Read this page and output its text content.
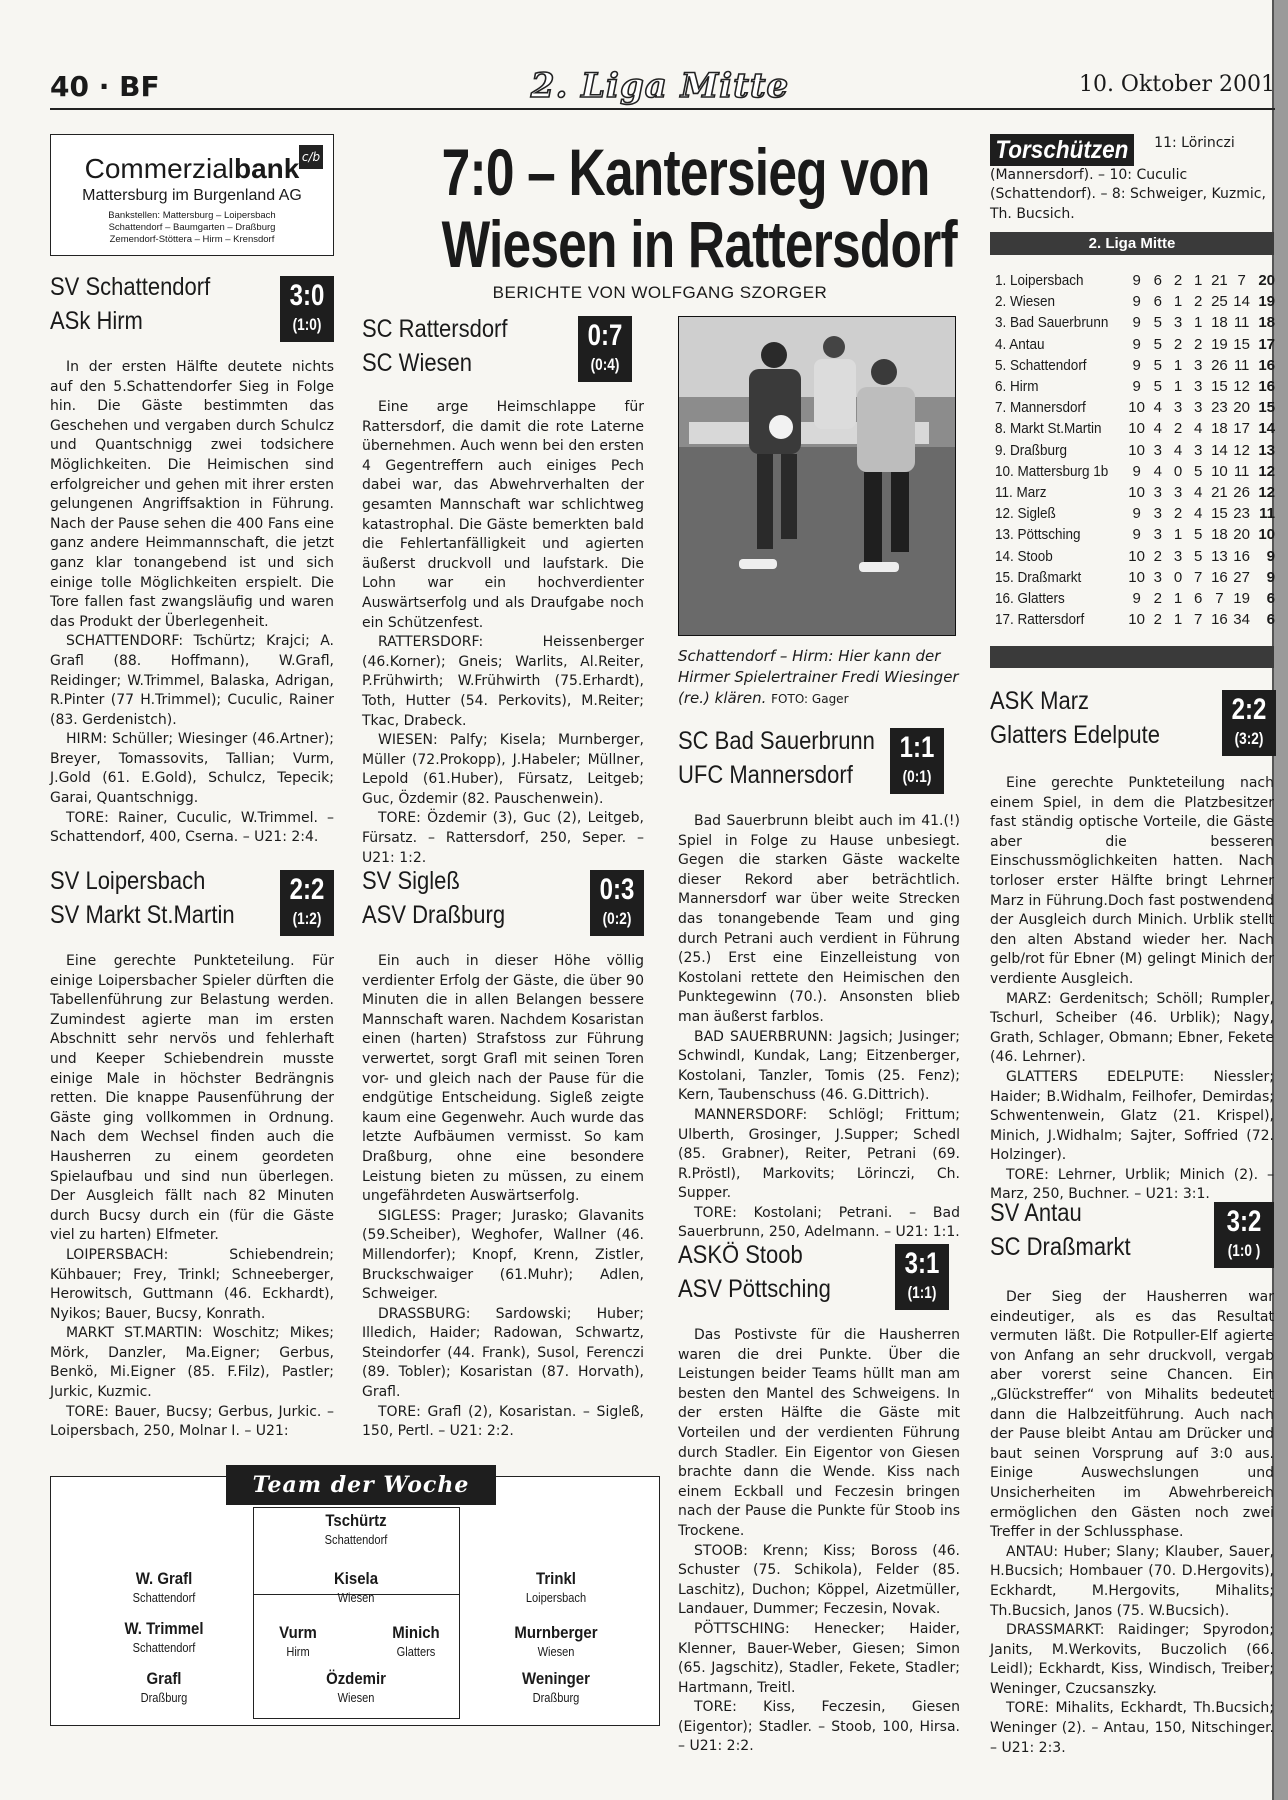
40 · BF	2. Liga Mitte	10. Oktober 2001
c/b
Commerzialbank
Mattersburg im Burgenland AG
Bankstellen: Mattersburg – Loipersbach
Schattendorf – Baumgarten – Draßburg
Zemendorf-Stöttera – Hirm – Krensdorf
7:0 – Kantersieg von
Wiesen in Rattersdorf
BERICHTE VON WOLFGANG SZORGER
SV Schattendorf
ASk Hirm
3:0
(1:0)

In der ersten Hälfte deutete nichts auf den 5.Schattendorfer Sieg in Folge hin. Die Gäste bestimmten das Geschehen und vergaben durch Schulcz und Quantschnigg zwei todsichere Möglichkeiten. Die Heimischen sind erfolgreicher und gehen mit ihrer ersten gelungenen Angriffsaktion in Führung. Nach der Pause sehen die 400 Fans eine ganz andere Heimmannschaft, die jetzt ganz klar tonangebend ist und sich einige tolle Möglichkeiten erspielt. Die Tore fallen fast zwangsläufig und waren das Produkt der Überlegenheit.

SCHATTENDORF: Tschürtz; Krajci; A. Grafl (88. Hoffmann), W.Grafl, Reidinger; W.Trimmel, Balaska, Adrigan, R.Pinter (77 H.Trimmel); Cuculic, Rainer (83. Gerdenistch).

HIRM: Schüller; Wiesinger (46.Artner); Breyer, Tomassovits, Tallian; Vurm, J.Gold (61. E.Gold), Schulcz, Tepecik; Garai, Quantschnigg.

TORE: Rainer, Cuculic, W.Trimmel. – Schattendorf, 400, Cserna. – U21: 2:4.

SV Loipersbach
SV Markt St.Martin
2:2
(1:2)

Eine gerechte Punkteteilung. Für einige Loipersbacher Spieler dürften die Tabellenführung zur Belastung werden. Zumindest agierte man im ersten Abschnitt sehr nervös und fehlerhaft und Keeper Schiebendrein musste einige Male in höchster Bedrängnis retten. Die knappe Pausenführung der Gäste ging vollkommen in Ordnung. Nach dem Wechsel finden auch die Hausherren zu einem geordeten Spielaufbau und sind nun überlegen. Der Ausgleich fällt nach 82 Minuten durch Bucsy durch ein (für die Gäste viel zu harten) Elfmeter.

LOIPERSBACH: Schiebendrein; Kühbauer; Frey, Trinkl; Schneeberger, Herowitsch, Guttmann (46. Eckhardt), Nyikos; Bauer, Bucsy, Konrath.

MARKT ST.MARTIN: Woschitz; Mikes; Mörk, Danzler, Ma.Eigner; Gerbus, Benkö, Mi.Eigner (85. F.Filz), Pastler; Jurkic, Kuzmic.

TORE: Bauer, Bucsy; Gerbus, Jurkic. – Loipersbach, 250, Molnar I. – U21:

SC Rattersdorf
SC Wiesen
0:7
(0:4)

Eine arge Heimschlappe für Rattersdorf, die damit die rote Laterne übernehmen. Auch wenn bei den ersten 4 Gegentreffern auch einiges Pech dabei war, das Abwehrverhalten der gesamten Mannschaft war schlichtweg katastrophal. Die Gäste bemerkten bald die Fehlertanfälligkeit und agierten äußerst druckvoll und laufstark. Die Lohn war ein hochverdienter Auswärtserfolg und als Draufgabe noch ein Schützenfest.

RATTERSDORF: Heissenberger (46.Korner); Gneis; Warlits, Al.Reiter, P.Frühwirth; W.Frühwirth (75.Erhardt), Toth, Hutter (54. Perkovits), M.Reiter; Tkac, Drabeck.

WIESEN: Palfy; Kisela; Murnberger, Müller (72.Prokopp), J.Habeler; Müllner, Lepold (61.Huber), Fürsatz, Leitgeb; Guc, Özdemir (82. Pauschenwein).

TORE: Özdemir (3), Guc (2), Leitgeb, Fürsatz. – Rattersdorf, 250, Seper. – U21: 1:2.

SV Sigleß
ASV Draßburg
0:3
(0:2)

Ein auch in dieser Höhe völlig verdienter Erfolg der Gäste, die über 90 Minuten die in allen Belangen bessere Mannschaft waren. Nachdem Kosaristan einen (harten) Strafstoss zur Führung verwertet, sorgt Grafl mit seinen Toren vor- und gleich nach der Pause für die endgütige Entscheidung. Sigleß zeigte kaum eine Gegenwehr. Auch wurde das letzte Aufbäumen vermisst. So kam Draßburg, ohne eine besondere Leistung bieten zu müssen, zu einem ungefährdeten Auswärtserfolg.

SIGLESS: Prager; Jurasko; Glavanits (59.Scheiber), Weghofer, Wallner (46. Millendorfer); Knopf, Krenn, Zistler, Bruckschwaiger (61.Muhr); Adlen, Schweiger.

DRASSBURG: Sardowski; Huber; Illedich, Haider; Radowan, Schwartz, Steindorfer (44. Frank), Susol, Ferenczi (89. Tobler); Kosaristan (87. Horvath), Grafl.

TORE: Grafl (2), Kosaristan. – Sigleß, 150, Pertl. – U21: 2:2.

Schattendorf – Hirm: Hier kann der Hirmer Spielertrainer Fredi Wiesinger (re.) klären. FOTO: Gager
SC Bad Sauerbrunn
UFC Mannersdorf
1:1
(0:1)

Bad Sauerbrunn bleibt auch im 41.(!) Spiel in Folge zu Hause unbesiegt. Gegen die starken Gäste wackelte dieser Rekord aber beträchtlich. Mannersdorf war über weite Strecken das tonangebende Team und ging durch Petrani auch verdient in Führung (25.) Erst eine Einzelleistung von Kostolani rettete den Heimischen den Punktegewinn (70.). Ansonsten blieb man äußerst farblos.

BAD SAUERBRUNN: Jagsich; Jusinger; Schwindl, Kundak, Lang; Eitzenberger, Kostolani, Tanzler, Tomis (25. Fenz); Kern, Taubenschuss (46. G.Dittrich).

MANNERSDORF: Schlögl; Frittum; Ulberth, Grosinger, J.Supper; Schedl (85. Grabner), Reiter, Petrani (69. R.Pröstl), Markovits; Lörinczi, Ch. Supper.

TORE: Kostolani; Petrani. – Bad Sauerbrunn, 250, Adelmann. – U21: 1:1.

ASKÖ Stoob
ASV Pöttsching
3:1
(1:1)

Das Postivste für die Hausherren waren die drei Punkte. Über die Leistungen beider Teams hüllt man am besten den Mantel des Schweigens. In der ersten Hälfte die Gäste mit Vorteilen und der verdienten Führung durch Stadler. Ein Eigentor von Giesen brachte dann die Wende. Kiss nach einem Eckball und Feczesin bringen nach der Pause die Punkte für Stoob ins Trockene.

STOOB: Krenn; Kiss; Boross (46. Schuster (75. Schikola), Felder (85. Laschitz), Duchon; Köppel, Aizetmüller, Landauer, Dummer; Feczesin, Novak.

PÖTTSCHING: Henecker; Haider, Klenner, Bauer-Weber, Giesen; Simon (65. Jagschitz), Stadler, Fekete, Stadler; Hartmann, Treitl.

TORE: Kiss, Feczesin, Giesen (Eigentor); Stadler. – Stoob, 100, Hirsa. – U21: 2:2.

Torschützen 11: Lörinczi (Mannersdorf). – 10: Cuculic (Schattendorf). – 8: Schweiger, Kuzmic, Th. Bucsich.
2. Liga Mitte
1. Loipersbach	9	6	2	1	21	7	20
2. Wiesen	9	6	1	2	25	14	19
3. Bad Sauerbrunn	9	5	3	1	18	11	18
4. Antau	9	5	2	2	19	15	17
5. Schattendorf	9	5	1	3	26	11	16
6. Hirm	9	5	1	3	15	12	16
7. Mannersdorf	10	4	3	3	23	20	15
8. Markt St.Martin	10	4	2	4	18	17	14
9. Draßburg	10	3	4	3	14	12	13
10. Mattersburg 1b	9	4	0	5	10	11	12
11. Marz	10	3	3	4	21	26	12
12. Sigleß	9	3	2	4	15	23	11
13. Pöttsching	9	3	1	5	18	20	10
14. Stoob	10	2	3	5	13	16	9
15. Draßmarkt	10	3	0	7	16	27	9
16. Glatters	9	2	1	6	7	19	6
17. Rattersdorf	10	2	1	7	16	34	6
ASK Marz
Glatters Edelpute
2:2
(3:2)

Eine gerechte Punkteteilung nach einem Spiel, in dem die Platzbesitzer fast ständig optische Vorteile, die Gäste aber die besseren Einschussmöglichkeiten hatten. Nach torloser erster Hälfte bringt Lehrner Marz in Führung.Doch fast postwendend der Ausgleich durch Minich. Urblik stellt den alten Abstand wieder her. Nach gelb/rot für Ebner (M) gelingt Minich der verdiente Ausgleich.

MARZ: Gerdenitsch; Schöll; Rumpler, Tschurl, Scheiber (46. Urblik); Nagy, Grath, Schlager, Obmann; Ebner, Fekete (46. Lehrner).

GLATTERS EDELPUTE: Niessler; Haider; B.Widhalm, Feilhofer, Demirdas; Schwentenwein, Glatz (21. Krispel), Minich, J.Widhalm; Sajter, Soffried (72. Holzinger).

TORE: Lehrner, Urblik; Minich (2). – Marz, 250, Buchner. – U21: 3:1.

SV Antau
SC Draßmarkt
3:2
(1:0 )

Der Sieg der Hausherren war eindeutiger, als es das Resultat vermuten läßt. Die Rotpuller-Elf agierte von Anfang an sehr druckvoll, vergab aber vorerst seine Chancen. Ein „Glückstreffer“ von Mihalits bedeutet dann die Halbzeitführung. Auch nach der Pause bleibt Antau am Drücker und baut seinen Vorsprung auf 3:0 aus. Einige Auswechslungen und Unsicherheiten im Abwehrbereich ermöglichen den Gästen noch zwei Treffer in der Schlussphase.

ANTAU: Huber; Slany; Klauber, Sauer, H.Bucsich; Hombauer (70. D.Hergovits), Eckhardt, M.Hergovits, Mihalits; Th.Bucsich, Janos (75. W.Bucsich).

DRASSMARKT: Raidinger; Spyrodon; Janits, M.Werkovits, Buczolich (66. Leidl); Eckhardt, Kiss, Windisch, Treiber; Weninger, Czucsanszky.

TORE: Mihalits, Eckhardt, Th.Bucsich; Weninger (2). – Antau, 150, Nitschinger. – U21: 2:3.

Team der Woche
Tschürtz
Schattendorf
W. Grafl
Schattendorf
Kisela
Wiesen
Trinkl
Loipersbach
W. Trimmel
Schattendorf
Vurm
Hirm
Minich
Glatters
Murnberger
Wiesen
Grafl
Draßburg
Özdemir
Wiesen
Weninger
Draßburg
